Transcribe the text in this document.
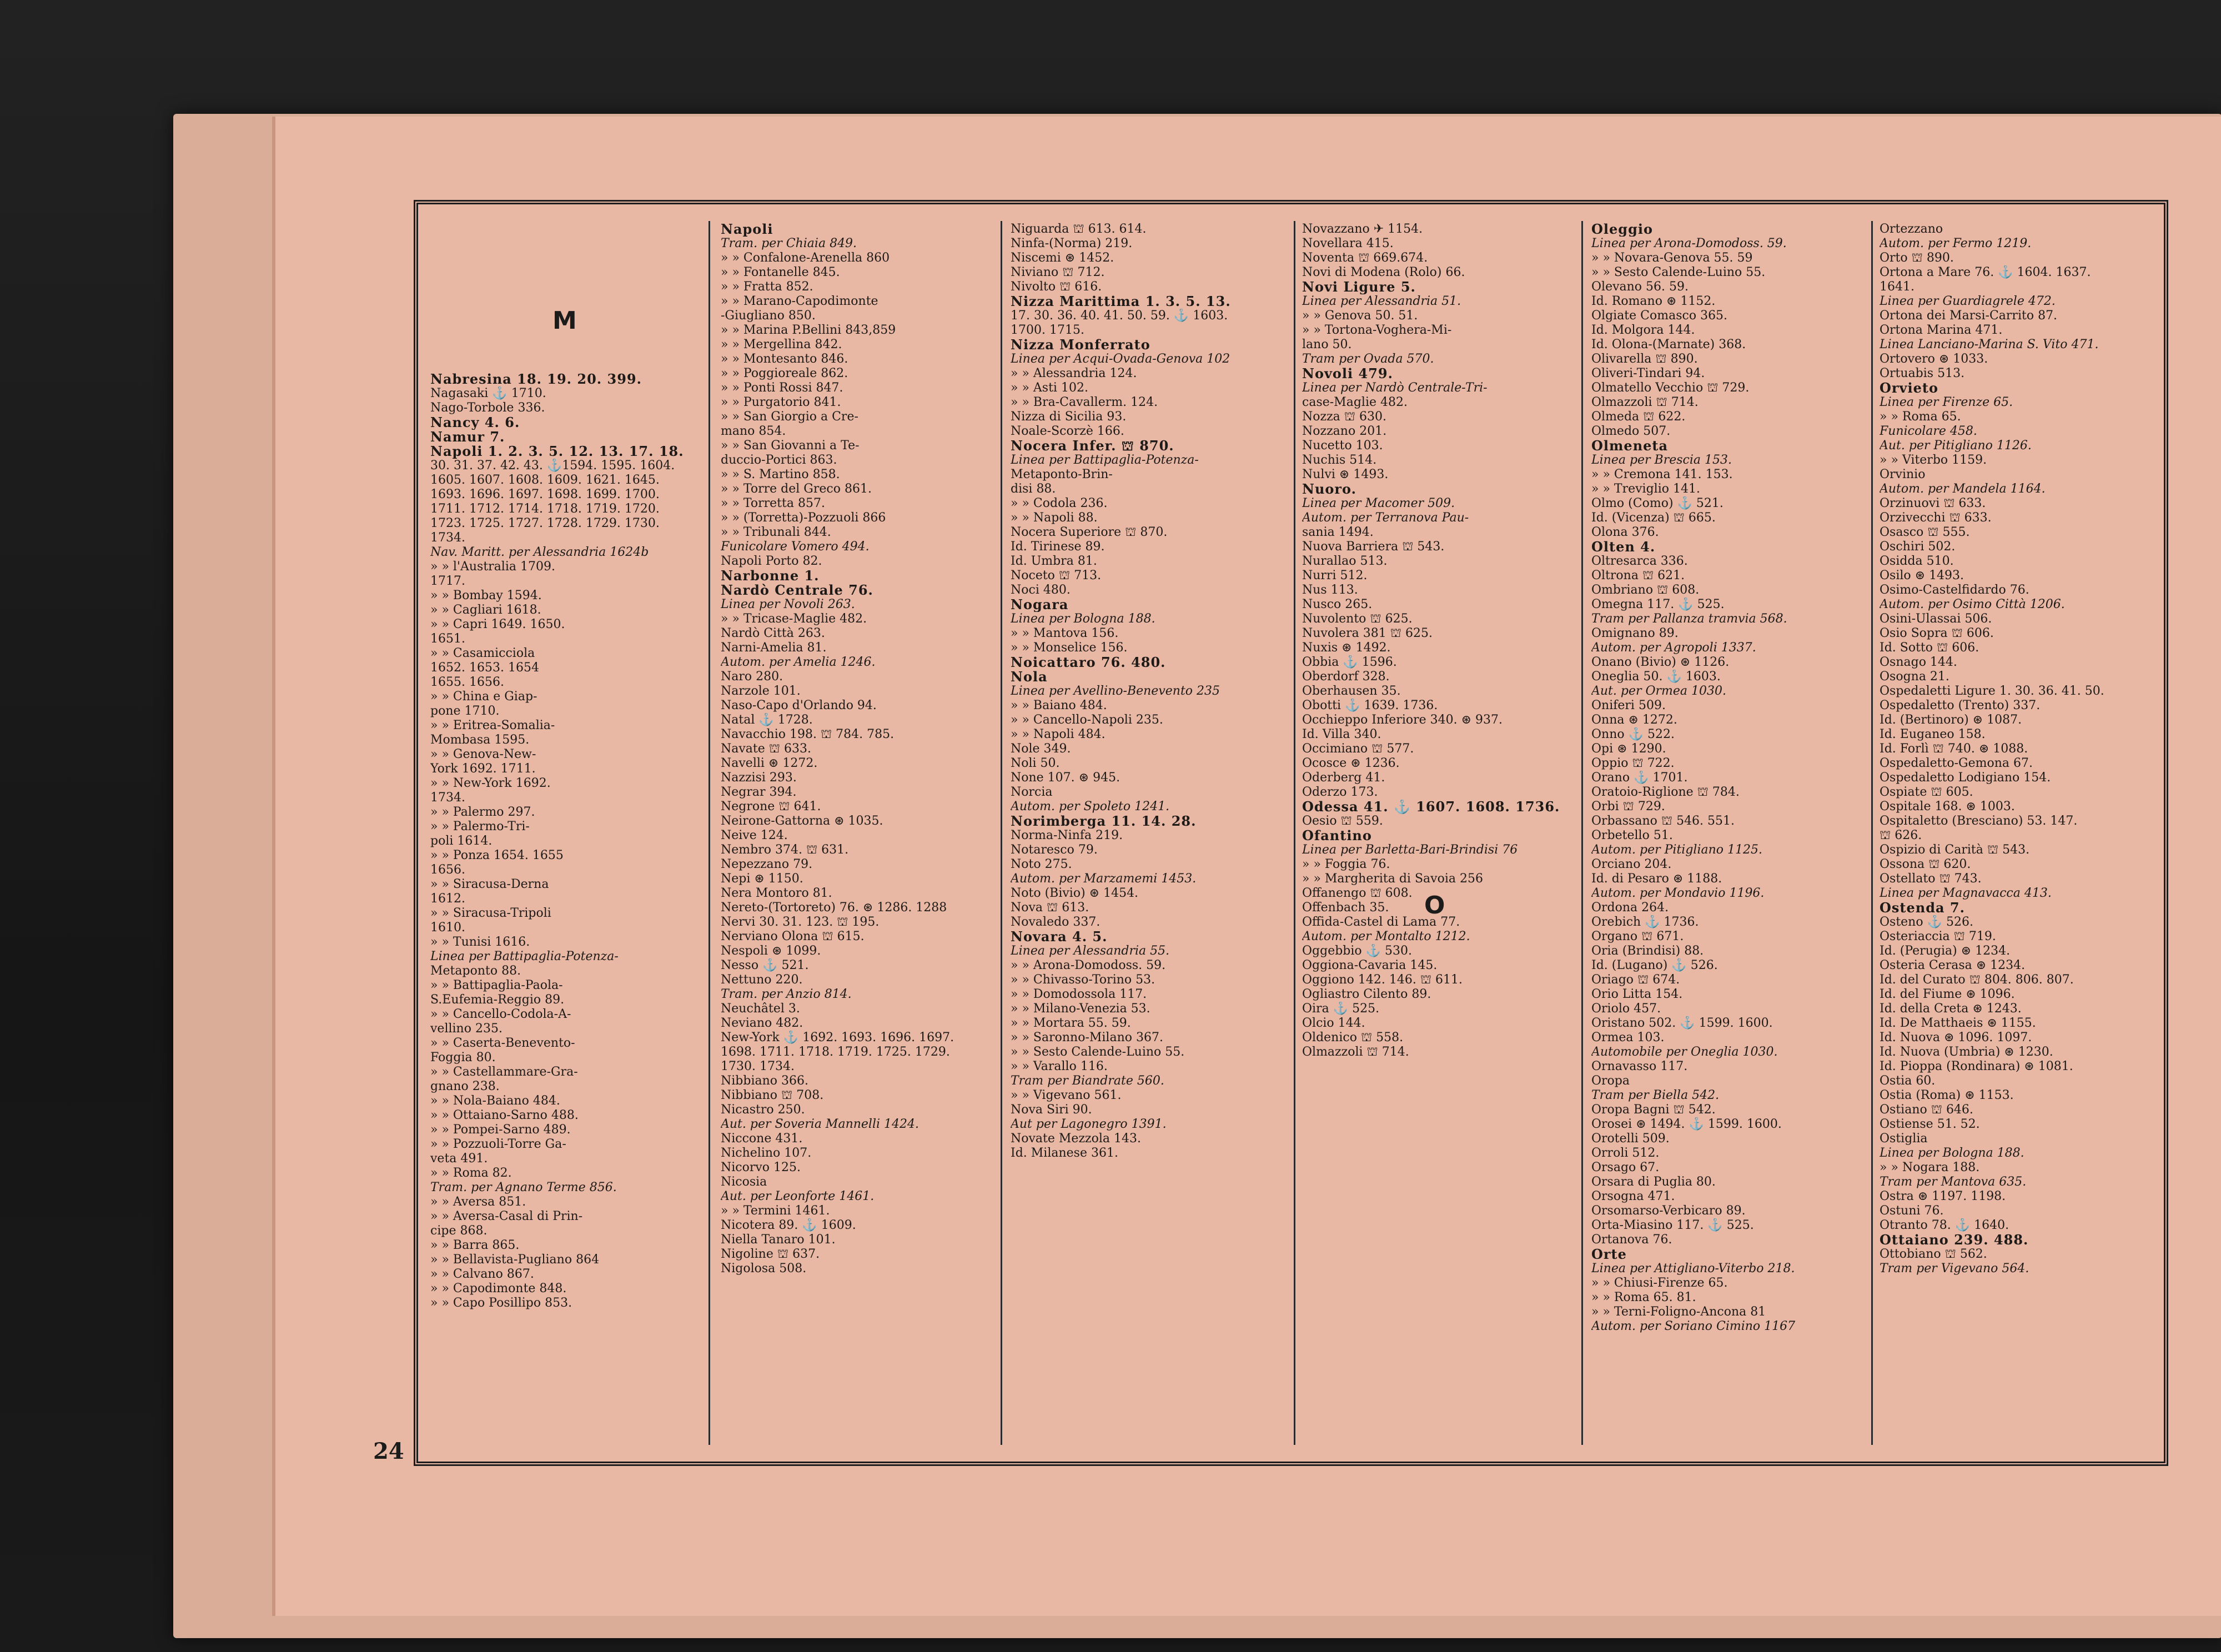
M
O
Nabresina 18. 19. 20. 399.
Nagasaki ⚓ 1710.
Nago-Torbole 336.
Nancy 4. 6.
Namur 7.
Napoli 1. 2. 3. 5. 12. 13. 17. 18.
30. 31. 37. 42. 43. ⚓1594. 1595. 1604.
1605. 1607. 1608. 1609. 1621. 1645.
1693. 1696. 1697. 1698. 1699. 1700.
1711. 1712. 1714. 1718. 1719. 1720.
1723. 1725. 1727. 1728. 1729. 1730.
1734.
Nav. Maritt. per Alessandria 1624b
» » l'Australia 1709.
1717.
» » Bombay 1594.
» » Cagliari 1618.
» » Capri 1649. 1650.
1651.
» » Casamicciola
1652. 1653. 1654
1655. 1656.
» » China e Giap-
pone 1710.
» » Eritrea-Somalia-
Mombasa 1595.
» » Genova-New-
York 1692. 1711.
» » New-York 1692.
1734.
» » Palermo 297.
» » Palermo-Tri-
poli 1614.
» » Ponza 1654. 1655
1656.
» » Siracusa-Derna
1612.
» » Siracusa-Tripoli
1610.
» » Tunisi 1616.
Linea per Battipaglia-Potenza-
Metaponto 88.
» » Battipaglia-Paola-
S.Eufemia-Reggio 89.
» » Cancello-Codola-A-
vellino 235.
» » Caserta-Benevento-
Foggia 80.
» » Castellammare-Gra-
gnano 238.
» » Nola-Baiano 484.
» » Ottaiano-Sarno 488.
» » Pompei-Sarno 489.
» » Pozzuoli-Torre Ga-
veta 491.
» » Roma 82.
Tram. per Agnano Terme 856.
» » Aversa 851.
» » Aversa-Casal di Prin-
cipe 868.
» » Barra 865.
» » Bellavista-Pugliano 864
» » Calvano 867.
» » Capodimonte 848.
» » Capo Posillipo 853.
Napoli
Tram. per Chiaia 849.
» » Confalone-Arenella 860
» » Fontanelle 845.
» » Fratta 852.
» » Marano-Capodimonte
-Giugliano 850.
» » Marina P.Bellini 843,859
» » Mergellina 842.
» » Montesanto 846.
» » Poggioreale 862.
» » Ponti Rossi 847.
» » Purgatorio 841.
» » San Giorgio a Cre-
mano 854.
» » San Giovanni a Te-
duccio-Portici 863.
» » S. Martino 858.
» » Torre del Greco 861.
» » Torretta 857.
» » (Torretta)-Pozzuoli 866
» » Tribunali 844.
Funicolare Vomero 494.
Napoli Porto 82.
Narbonne 1.
Nardò Centrale 76.
Linea per Novoli 263.
» » Tricase-Maglie 482.
Nardò Città 263.
Narni-Amelia 81.
Autom. per Amelia 1246.
Naro 280.
Narzole 101.
Naso-Capo d'Orlando 94.
Natal ⚓ 1728.
Navacchio 198. ⛫ 784. 785.
Navate ⛫ 633.
Navelli ⊛ 1272.
Nazzisi 293.
Negrar 394.
Negrone ⛫ 641.
Neirone-Gattorna ⊛ 1035.
Neive 124.
Nembro 374. ⛫ 631.
Nepezzano 79.
Nepi ⊛ 1150.
Nera Montoro 81.
Nereto-(Tortoreto) 76. ⊛ 1286. 1288
Nervi 30. 31. 123. ⛫ 195.
Nerviano Olona ⛫ 615.
Nespoli ⊛ 1099.
Nesso ⚓ 521.
Nettuno 220.
Tram. per Anzio 814.
Neuchâtel 3.
Neviano 482.
New-York ⚓ 1692. 1693. 1696. 1697.
1698. 1711. 1718. 1719. 1725. 1729.
1730. 1734.
Nibbiano 366.
Nibbiano ⛫ 708.
Nicastro 250.
Aut. per Soveria Mannelli 1424.
Niccone 431.
Nichelino 107.
Nicorvo 125.
Nicosia
Aut. per Leonforte 1461.
» » Termini 1461.
Nicotera 89. ⚓ 1609.
Niella Tanaro 101.
Nigoline ⛫ 637.
Nigolosa 508.
Niguarda ⛫ 613. 614.
Ninfa-(Norma) 219.
Niscemi ⊛ 1452.
Niviano ⛫ 712.
Nivolto ⛫ 616.
Nizza Marittima 1. 3. 5. 13.
17. 30. 36. 40. 41. 50. 59. ⚓ 1603.
1700. 1715.
Nizza Monferrato
Linea per Acqui-Ovada-Genova 102
» » Alessandria 124.
» » Asti 102.
» » Bra-Cavallerm. 124.
Nizza di Sicilia 93.
Noale-Scorzè 166.
Nocera Infer. ⛫ 870.
Linea per Battipaglia-Potenza-
Metaponto-Brin-
disi 88.
» » Codola 236.
» » Napoli 88.
Nocera Superiore ⛫ 870.
Id. Tirinese 89.
Id. Umbra 81.
Noceto ⛫ 713.
Noci 480.
Nogara
Linea per Bologna 188.
» » Mantova 156.
» » Monselice 156.
Noicattaro 76. 480.
Nola
Linea per Avellino-Benevento 235
» » Baiano 484.
» » Cancello-Napoli 235.
» » Napoli 484.
Nole 349.
Noli 50.
None 107. ⊛ 945.
Norcia
Autom. per Spoleto 1241.
Norimberga 11. 14. 28.
Norma-Ninfa 219.
Notaresco 79.
Noto 275.
Autom. per Marzamemi 1453.
Noto (Bivio) ⊛ 1454.
Nova ⛫ 613.
Novaledo 337.
Novara 4. 5.
Linea per Alessandria 55.
» » Arona-Domodoss. 59.
» » Chivasso-Torino 53.
» » Domodossola 117.
» » Milano-Venezia 53.
» » Mortara 55. 59.
» » Saronno-Milano 367.
» » Sesto Calende-Luino 55.
» » Varallo 116.
Tram per Biandrate 560.
» » Vigevano 561.
Nova Siri 90.
Aut per Lagonegro 1391.
Novate Mezzola 143.
Id. Milanese 361.
Novazzano ✈ 1154.
Novellara 415.
Noventa ⛫ 669.674.
Novi di Modena (Rolo) 66.
Novi Ligure 5.
Linea per Alessandria 51.
» » Genova 50. 51.
» » Tortona-Voghera-Mi-
lano 50.
Tram per Ovada 570.
Novoli 479.
Linea per Nardò Centrale-Tri-
case-Maglie 482.
Nozza ⛫ 630.
Nozzano 201.
Nucetto 103.
Nuchis 514.
Nulvi ⊛ 1493.
Nuoro.
Linea per Macomer 509.
Autom. per Terranova Pau-
sania 1494.
Nuova Barriera ⛫ 543.
Nurallao 513.
Nurri 512.
Nus 113.
Nusco 265.
Nuvolento ⛫ 625.
Nuvolera 381 ⛫ 625.
Nuxis ⊛ 1492.
Obbia ⚓ 1596.
Oberdorf 328.
Oberhausen 35.
Obotti ⚓ 1639. 1736.
Occhieppo Inferiore 340. ⊛ 937.
Id. Villa 340.
Occimiano ⛫ 577.
Ocosce ⊛ 1236.
Oderberg 41.
Oderzo 173.
Odessa 41. ⚓ 1607. 1608. 1736.
Oesio ⛫ 559.
Ofantino
Linea per Barletta-Bari-Brindisi 76
» » Foggia 76.
» » Margherita di Savoia 256
Offanengo ⛫ 608.
Offenbach 35.
Offida-Castel di Lama 77.
Autom. per Montalto 1212.
Oggebbio ⚓ 530.
Oggiona-Cavaria 145.
Oggiono 142. 146. ⛫ 611.
Ogliastro Cilento 89.
Oira ⚓ 525.
Olcio 144.
Oldenico ⛫ 558.
Olmazzoli ⛫ 714.
Oleggio
Linea per Arona-Domodoss. 59.
» » Novara-Genova 55. 59
» » Sesto Calende-Luino 55.
Olevano 56. 59.
Id. Romano ⊛ 1152.
Olgiate Comasco 365.
Id. Molgora 144.
Id. Olona-(Marnate) 368.
Olivarella ⛫ 890.
Oliveri-Tindari 94.
Olmatello Vecchio ⛫ 729.
Olmazzoli ⛫ 714.
Olmeda ⛫ 622.
Olmedo 507.
Olmeneta
Linea per Brescia 153.
» » Cremona 141. 153.
» » Treviglio 141.
Olmo (Como) ⚓ 521.
Id. (Vicenza) ⛫ 665.
Olona 376.
Olten 4.
Oltresarca 336.
Oltrona ⛫ 621.
Ombriano ⛫ 608.
Omegna 117. ⚓ 525.
Tram per Pallanza tramvia 568.
Omignano 89.
Autom. per Agropoli 1337.
Onano (Bivio) ⊛ 1126.
Oneglia 50. ⚓ 1603.
Aut. per Ormea 1030.
Oniferi 509.
Onna ⊛ 1272.
Onno ⚓ 522.
Opi ⊛ 1290.
Oppio ⛫ 722.
Orano ⚓ 1701.
Oratoio-Riglione ⛫ 784.
Orbi ⛫ 729.
Orbassano ⛫ 546. 551.
Orbetello 51.
Autom. per Pitigliano 1125.
Orciano 204.
Id. di Pesaro ⊛ 1188.
Autom. per Mondavio 1196.
Ordona 264.
Orebich ⚓ 1736.
Organo ⛫ 671.
Oria (Brindisi) 88.
Id. (Lugano) ⚓ 526.
Oriago ⛫ 674.
Orio Litta 154.
Oriolo 457.
Oristano 502. ⚓ 1599. 1600.
Ormea 103.
Automobile per Oneglia 1030.
Ornavasso 117.
Oropa
Tram per Biella 542.
Oropa Bagni ⛫ 542.
Orosei ⊛ 1494. ⚓ 1599. 1600.
Orotelli 509.
Orroli 512.
Orsago 67.
Orsara di Puglia 80.
Orsogna 471.
Orsomarso-Verbicaro 89.
Orta-Miasino 117. ⚓ 525.
Ortanova 76.
Orte
Linea per Attigliano-Viterbo 218.
» » Chiusi-Firenze 65.
» » Roma 65. 81.
» » Terni-Foligno-Ancona 81
Autom. per Soriano Cimino 1167
Ortezzano
Autom. per Fermo 1219.
Orto ⛫ 890.
Ortona a Mare 76. ⚓ 1604. 1637.
1641.
Linea per Guardiagrele 472.
Ortona dei Marsi-Carrito 87.
Ortona Marina 471.
Linea Lanciano-Marina S. Vito 471.
Ortovero ⊛ 1033.
Ortuabis 513.
Orvieto
Linea per Firenze 65.
» » Roma 65.
Funicolare 458.
Aut. per Pitigliano 1126.
» » Viterbo 1159.
Orvinio
Autom. per Mandela 1164.
Orzinuovi ⛫ 633.
Orzivecchi ⛫ 633.
Osasco ⛫ 555.
Oschiri 502.
Osidda 510.
Osilo ⊛ 1493.
Osimo-Castelfidardo 76.
Autom. per Osimo Città 1206.
Osini-Ulassai 506.
Osio Sopra ⛫ 606.
Id. Sotto ⛫ 606.
Osnago 144.
Osogna 21.
Ospedaletti Ligure 1. 30. 36. 41. 50.
Ospedaletto (Trento) 337.
Id. (Bertinoro) ⊛ 1087.
Id. Euganeo 158.
Id. Forlì ⛫ 740. ⊛ 1088.
Ospedaletto-Gemona 67.
Ospedaletto Lodigiano 154.
Ospiate ⛫ 605.
Ospitale 168. ⊛ 1003.
Ospitaletto (Bresciano) 53. 147.
⛫ 626.
Ospizio di Carità ⛫ 543.
Ossona ⛫ 620.
Ostellato ⛫ 743.
Linea per Magnavacca 413.
Ostenda 7.
Osteno ⚓ 526.
Osteriaccia ⛫ 719.
Id. (Perugia) ⊛ 1234.
Osteria Cerasa ⊛ 1234.
Id. del Curato ⛫ 804. 806. 807.
Id. del Fiume ⊛ 1096.
Id. della Creta ⊛ 1243.
Id. De Matthaeis ⊛ 1155.
Id. Nuova ⊛ 1096. 1097.
Id. Nuova (Umbria) ⊛ 1230.
Id. Pioppa (Rondinara) ⊛ 1081.
Ostia 60.
Ostia (Roma) ⊛ 1153.
Ostiano ⛫ 646.
Ostiense 51. 52.
Ostiglia
Linea per Bologna 188.
» » Nogara 188.
Tram per Mantova 635.
Ostra ⊛ 1197. 1198.
Ostuni 76.
Otranto 78. ⚓ 1640.
Ottaiano 239. 488.
Ottobiano ⛫ 562.
Tram per Vigevano 564.
24
